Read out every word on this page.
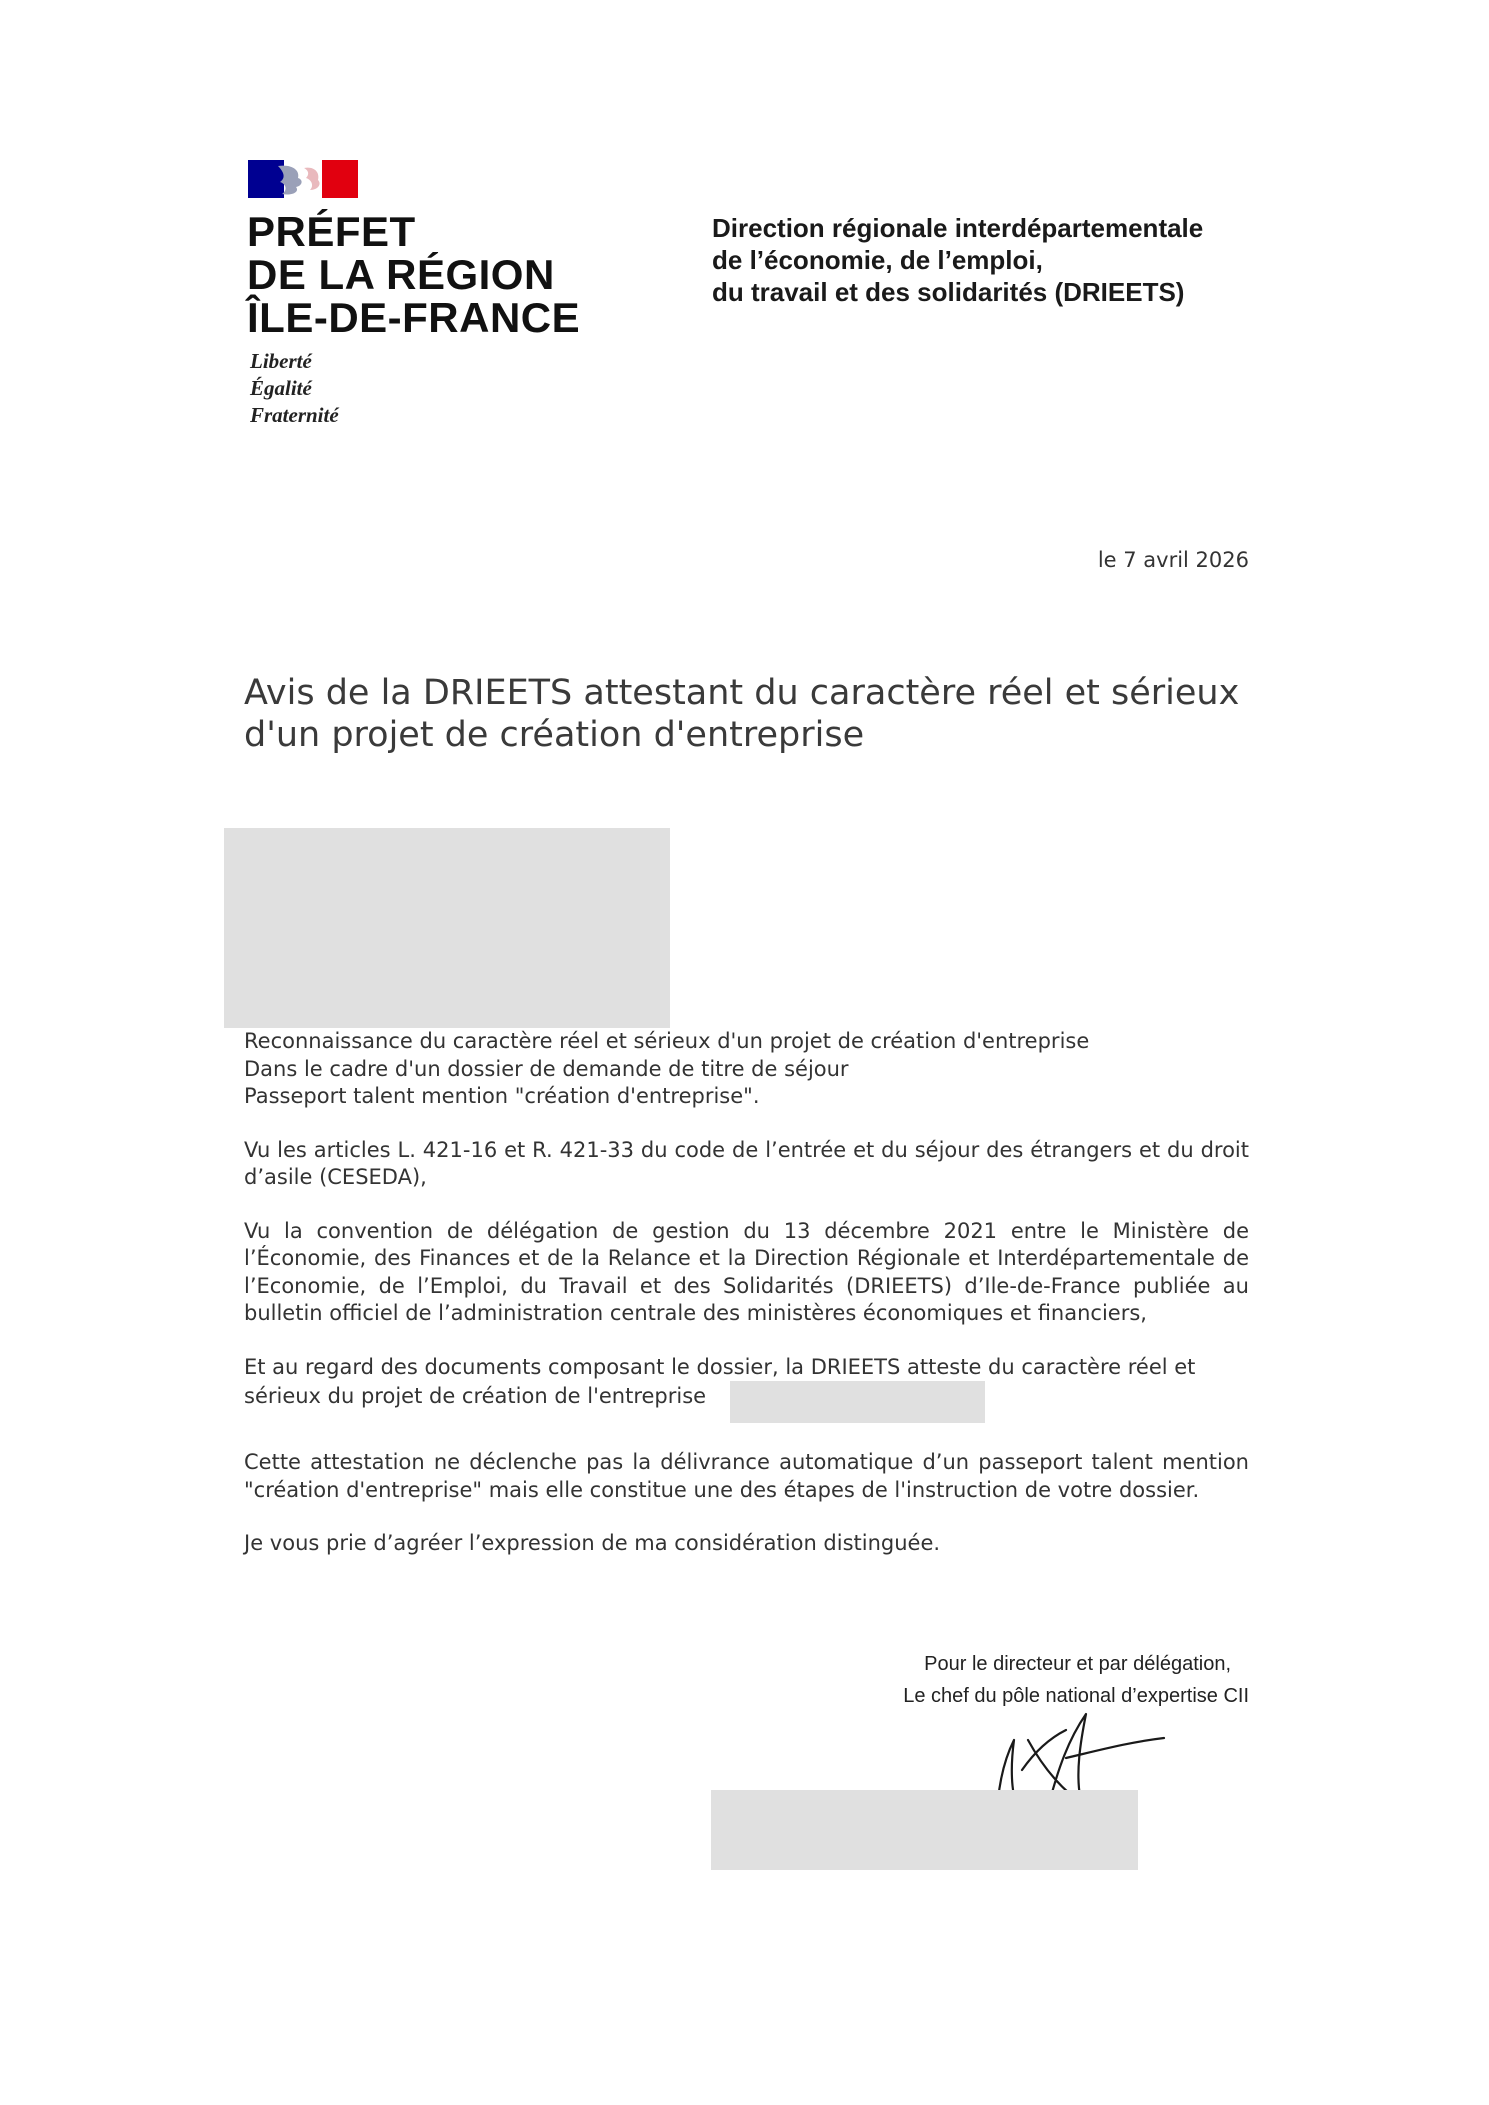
PRÉFET
DE LA RÉGION
ÎLE-DE-FRANCE
Liberté
Égalité
Fraternité
Direction régionale interdépartementale
de l’économie, de l’emploi,
du travail et des solidarités (DRIEETS)
le 7 avril 2026
Avis de la DRIEETS attestant du caractère réel et sérieux
d'un projet de création d'entreprise

Reconnaissance du caractère réel et sérieux d'un projet de création d'entreprise
Dans le cadre d'un dossier de demande de titre de séjour
Passeport talent mention "création d'entreprise".

Vu les articles L. 421-16 et R. 421-33 du code de l’entrée et du séjour des étrangers et du droit d’asile (CESEDA),

Vu la convention de délégation de gestion du 13 décembre 2021 entre le Ministère de l’Économie, des Finances et de la Relance et la Direction Régionale et Interdépartementale de l’Economie, de l’Emploi, du Travail et des Solidarités (DRIEETS) d’Ile-de-France publiée au bulletin officiel de l’administration centrale des ministères économiques et financiers,

Et au regard des documents composant le dossier, la DRIEETS atteste du caractère réel et sérieux du projet de création de l'entreprise

Cette attestation ne déclenche pas la délivrance automatique d’un passeport talent mention "création d'entreprise" mais elle constitue une des étapes de l'instruction de votre dossier.

Je vous prie d’agréer l’expression de ma considération distinguée.

Pour le directeur et par délégation,
Le chef du pôle national d’expertise CII
